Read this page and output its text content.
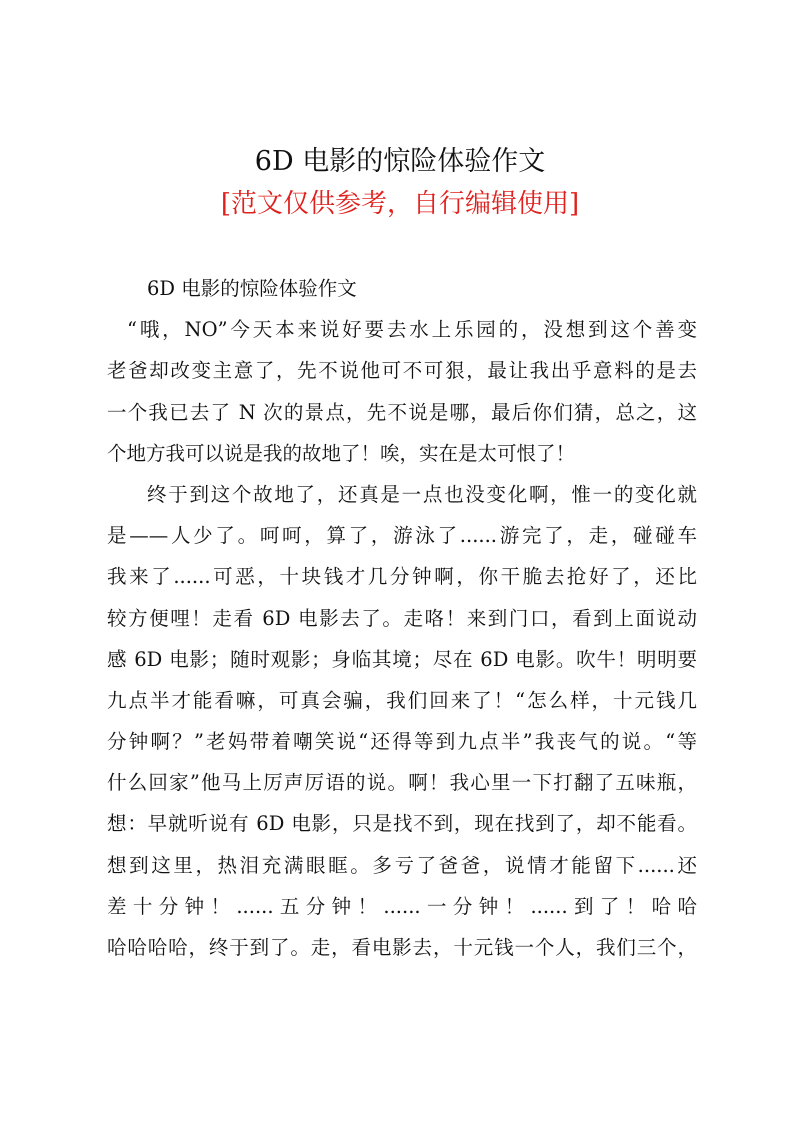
6D 电影的惊险体验作文

[范文仅供参考，自行编辑使用]

6D 电影的惊险体验作文
“哦，NO”今天本来说好要去水上乐园的，没想到这个善变
老爸却改变主意了，先不说他可不可狠，最让我出乎意料的是去
一个我已去了 N 次的景点，先不说是哪，最后你们猜，总之，这
个地方我可以说是我的故地了！唉，实在是太可恨了！
终于到这个故地了，还真是一点也没变化啊，惟一的变化就
是——人少了。呵呵，算了，游泳了......游完了，走，碰碰车
我来了......可恶，十块钱才几分钟啊，你干脆去抢好了，还比
较方便哩！走看 6D 电影去了。走咯！来到门口，看到上面说动
感 6D 电影；随时观影；身临其境；尽在 6D 电影。吹牛！明明要
九点半才能看嘛，可真会骗，我们回来了！“怎么样，十元钱几
分钟啊？”老妈带着嘲笑说“还得等到九点半”我丧气的说。“等
什么回家”他马上厉声厉语的说。啊！我心里一下打翻了五味瓶，
想：早就听说有 6D 电影，只是找不到，现在找到了，却不能看。
想到这里，热泪充满眼眶。多亏了爸爸，说情才能留下......还
差十分钟！......五分钟！......一分钟！......到了！哈哈
哈哈哈哈，终于到了。走，看电影去，十元钱一个人，我们三个，
